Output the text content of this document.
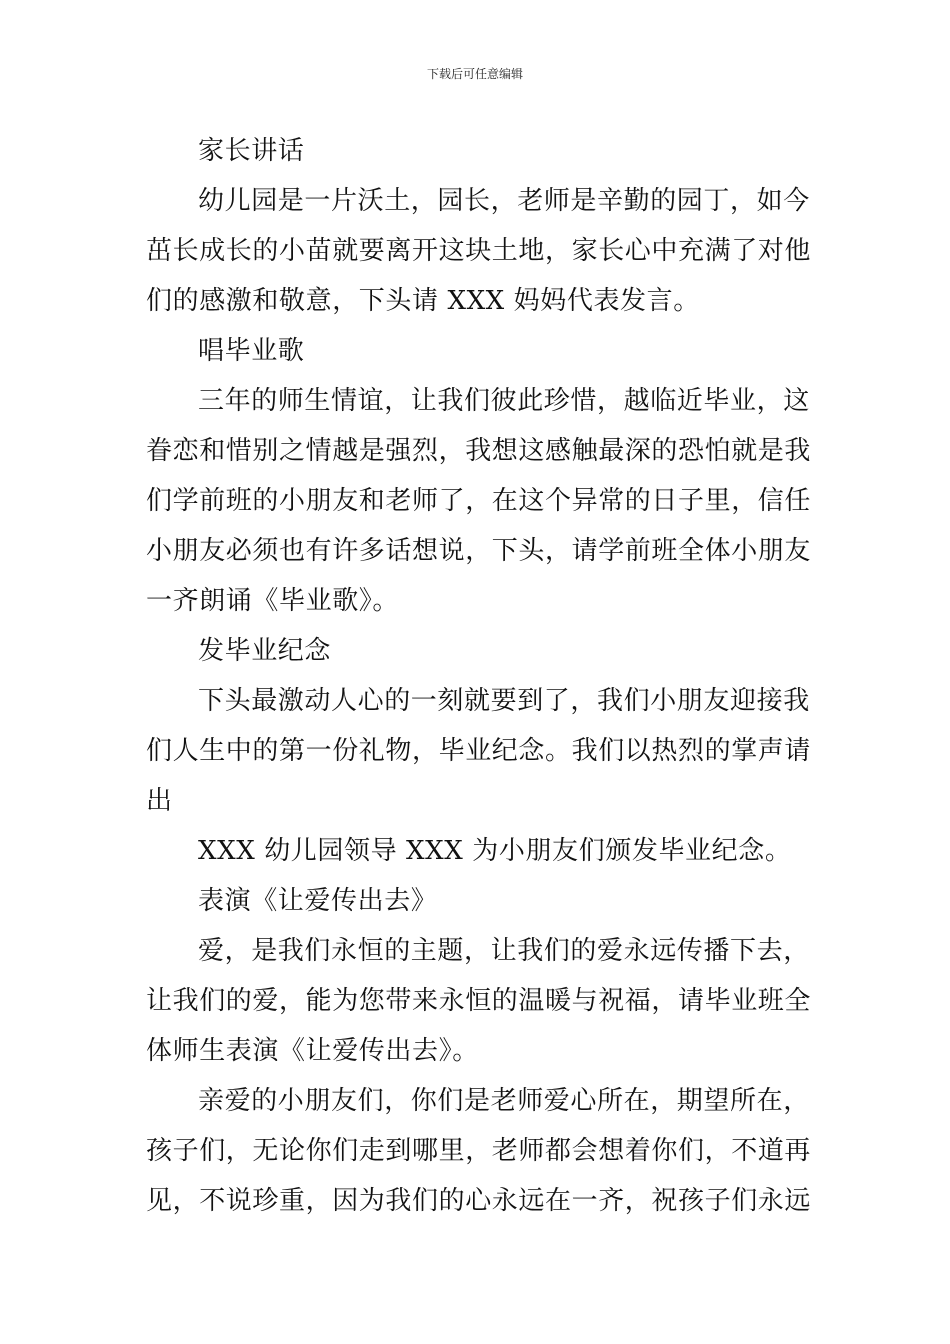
下载后可任意编辑
家长讲话
幼儿园是一片沃土，园长，老师是辛勤的园丁，如今
茁长成长的小苗就要离开这块土地，家长心中充满了对他
们的感激和敬意，下头请 XXX 妈妈代表发言。
唱毕业歌
三年的师生情谊，让我们彼此珍惜，越临近毕业，这
眷恋和惜别之情越是强烈，我想这感触最深的恐怕就是我
们学前班的小朋友和老师了，在这个异常的日子里，信任
小朋友必须也有许多话想说，下头，请学前班全体小朋友
一齐朗诵《毕业歌》。
发毕业纪念
下头最激动人心的一刻就要到了，我们小朋友迎接我
们人生中的第一份礼物，毕业纪念。我们以热烈的掌声请
出
XXX 幼儿园领导 XXX 为小朋友们颁发毕业纪念。
表演《让爱传出去》
爱，是我们永恒的主题，让我们的爱永远传播下去，
让我们的爱，能为您带来永恒的温暖与祝福，请毕业班全
体师生表演《让爱传出去》。
亲爱的小朋友们，你们是老师爱心所在，期望所在，
孩子们，无论你们走到哪里，老师都会想着你们，不道再
见，不说珍重，因为我们的心永远在一齐，祝孩子们永远
